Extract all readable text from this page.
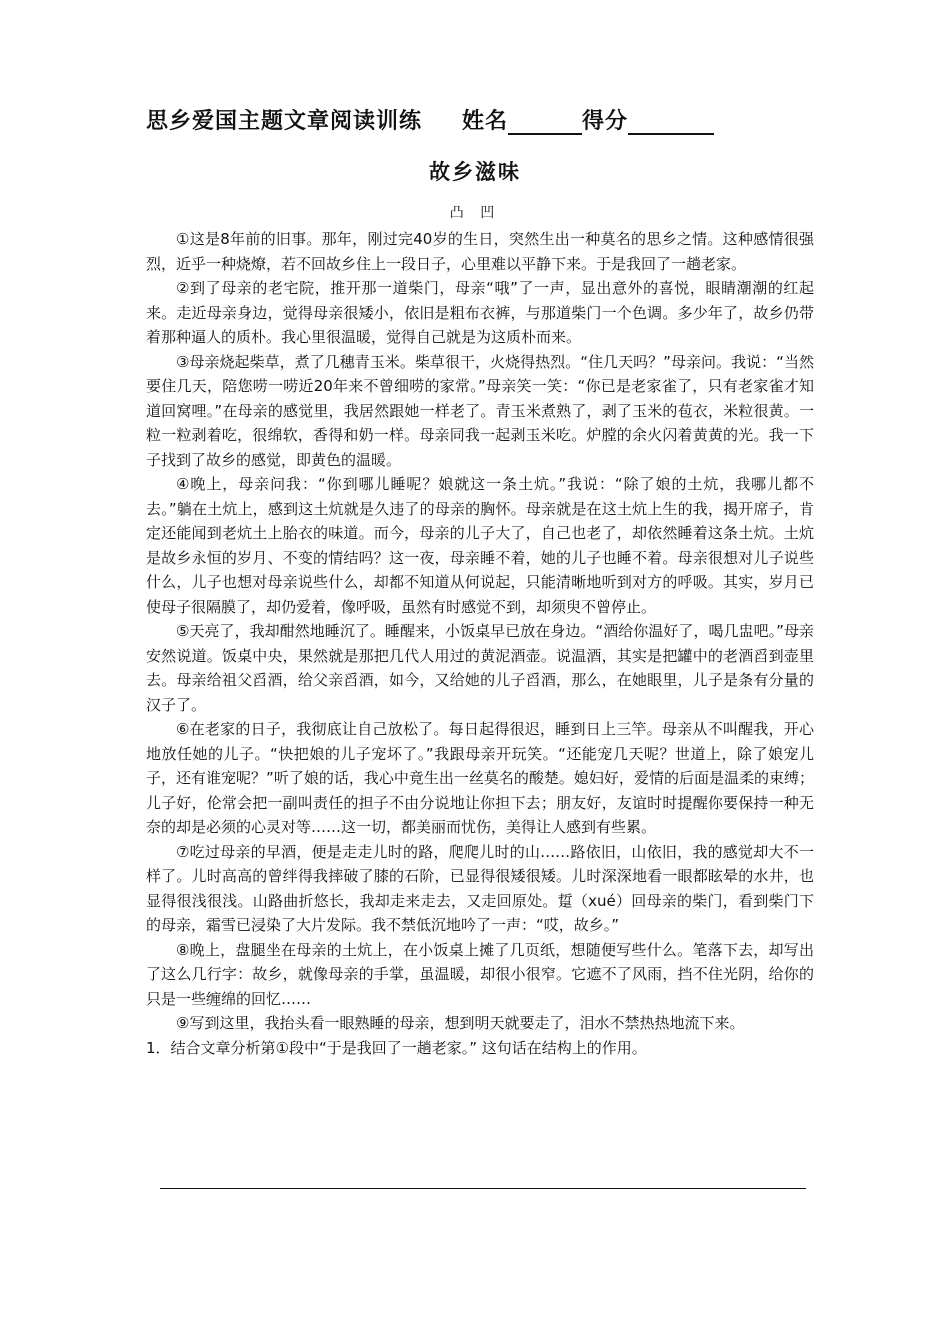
思乡爱国主题文章阅读训练 姓名	得分
故乡滋味
凸 凹

①这是8年前的旧事。那年，刚过完40岁的生日，突然生出一种莫名的思乡之情。这种感情很强烈，近乎一种烧燎，若不回故乡住上一段日子，心里难以平静下来。于是我回了一趟老家。

②到了母亲的老宅院，推开那一道柴门，母亲“哦”了一声，显出意外的喜悦，眼睛潮潮的红起来。走近母亲身边，觉得母亲很矮小，依旧是粗布衣裤，与那道柴门一个色调。多少年了，故乡仍带着那种逼人的质朴。我心里很温暖，觉得自己就是为这质朴而来。

③母亲烧起柴草，煮了几穗青玉米。柴草很干，火烧得热烈。“住几天吗？”母亲问。我说：“当然要住几天，陪您唠一唠近20年来不曾细唠的家常。”母亲笑一笑：“你已是老家雀了，只有老家雀才知道回窝哩。”在母亲的感觉里，我居然跟她一样老了。青玉米煮熟了，剥了玉米的苞衣，米粒很黄。一粒一粒剥着吃，很绵软，香得和奶一样。母亲同我一起剥玉米吃。炉膛的余火闪着黄黄的光。我一下子找到了故乡的感觉，即黄色的温暖。

④晚上，母亲问我：“你到哪儿睡呢？娘就这一条土炕。”我说：“除了娘的土炕，我哪儿都不去。”躺在土炕上，感到这土炕就是久违了的母亲的胸怀。母亲就是在这土炕上生的我，揭开席子，肯定还能闻到老炕土上胎衣的味道。而今，母亲的儿子大了，自己也老了，却依然睡着这条土炕。土炕是故乡永恒的岁月、不变的情结吗？这一夜，母亲睡不着，她的儿子也睡不着。母亲很想对儿子说些什么，儿子也想对母亲说些什么，却都不知道从何说起，只能清晰地听到对方的呼吸。其实，岁月已使母子很隔膜了，却仍爱着，像呼吸，虽然有时感觉不到，却须臾不曾停止。

⑤天亮了，我却酣然地睡沉了。睡醒来，小饭桌早已放在身边。“酒给你温好了，喝几盅吧。”母亲安然说道。饭桌中央，果然就是那把几代人用过的黄泥酒壶。说温酒，其实是把罐中的老酒舀到壶里去。母亲给祖父舀酒，给父亲舀酒，如今，又给她的儿子舀酒，那么，在她眼里，儿子是条有分量的汉子了。

⑥在老家的日子，我彻底让自己放松了。每日起得很迟，睡到日上三竿。母亲从不叫醒我，开心地放任她的儿子。“快把娘的儿子宠坏了。”我跟母亲开玩笑。“还能宠几天呢？世道上，除了娘宠儿子，还有谁宠呢？”听了娘的话，我心中竟生出一丝莫名的酸楚。媳妇好，爱情的后面是温柔的束缚；儿子好，伦常会把一副叫责任的担子不由分说地让你担下去；朋友好，友谊时时提醒你要保持一种无奈的却是必须的心灵对等……这一切，都美丽而忧伤，美得让人感到有些累。

⑦吃过母亲的早酒，便是走走儿时的路，爬爬儿时的山……路依旧，山依旧，我的感觉却大不一样了。儿时高高的曾绊得我摔破了膝的石阶，已显得很矮很矮。儿时深深地看一眼都眩晕的水井，也显得很浅很浅。山路曲折悠长，我却走来走去，又走回原处。踅（xué）回母亲的柴门，看到柴门下的母亲，霜雪已浸染了大片发际。我不禁低沉地吟了一声：“哎，故乡。”

⑧晚上，盘腿坐在母亲的土炕上，在小饭桌上摊了几页纸，想随便写些什么。笔落下去，却写出了这么几行字：故乡，就像母亲的手掌，虽温暖，却很小很窄。它遮不了风雨，挡不住光阴，给你的只是一些缠绵的回忆……

⑨写到这里，我抬头看一眼熟睡的母亲，想到明天就要走了，泪水不禁热热地流下来。

1．结合文章分析第①段中“于是我回了一趟老家。” 这句话在结构上的作用。
